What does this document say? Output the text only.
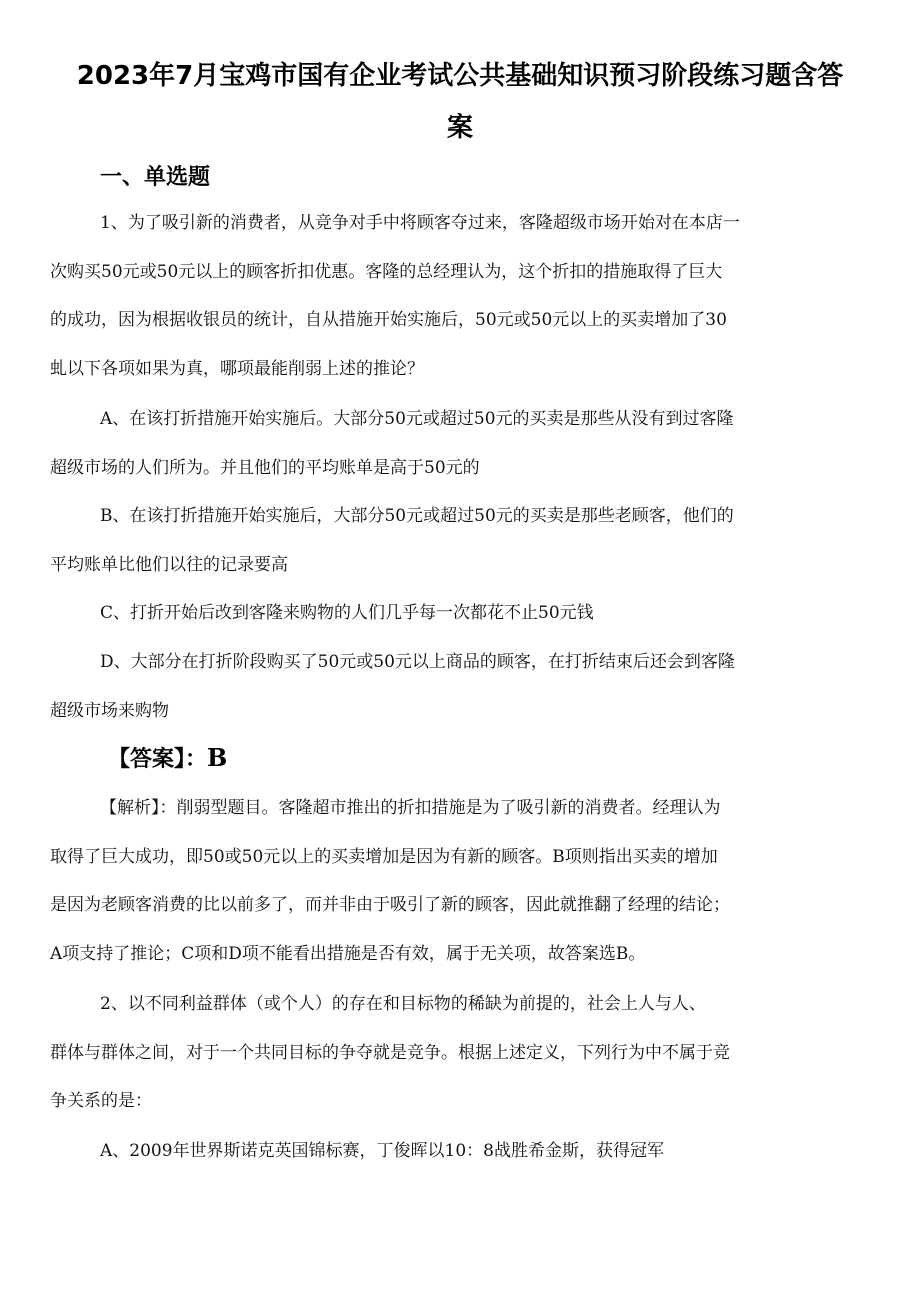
2023年7月宝鸡市国有企业考试公共基础知识预习阶段练习题含答
案
一、单选题
1、为了吸引新的消费者，从竞争对手中将顾客夺过来，客隆超级市场开始对在本店一
次购买50元或50元以上的顾客折扣优惠。客隆的总经理认为，这个折扣的措施取得了巨大
的成功，因为根据收银员的统计，自从措施开始实施后，50元或50元以上的买卖增加了30
虬以下各项如果为真，哪项最能削弱上述的推论？
A、在该打折措施开始实施后。大部分50元或超过50元的买卖是那些从没有到过客隆
超级市场的人们所为。并且他们的平均账单是高于50元的
B、在该打折措施开始实施后，大部分50元或超过50元的买卖是那些老顾客，他们的
平均账单比他们以往的记录要高
C、打折开始后改到客隆来购物的人们几乎每一次都花不止50元钱
D、大部分在打折阶段购买了50元或50元以上商品的顾客，在打折结束后还会到客隆
超级市场来购物
【答案】：B
【解析】：削弱型题目。客隆超市推出的折扣措施是为了吸引新的消费者。经理认为
取得了巨大成功，即50或50元以上的买卖增加是因为有新的顾客。B项则指出买卖的增加
是因为老顾客消费的比以前多了，而并非由于吸引了新的顾客，因此就推翻了经理的结论；
A项支持了推论；C项和D项不能看出措施是否有效，属于无关项，故答案选B。
2、以不同利益群体（或个人）的存在和目标物的稀缺为前提的，社会上人与人、
群体与群体之间，对于一个共同目标的争夺就是竞争。根据上述定义，下列行为中不属于竞
争关系的是：
A、2009年世界斯诺克英国锦标赛，丁俊晖以10：8战胜希金斯，获得冠军
